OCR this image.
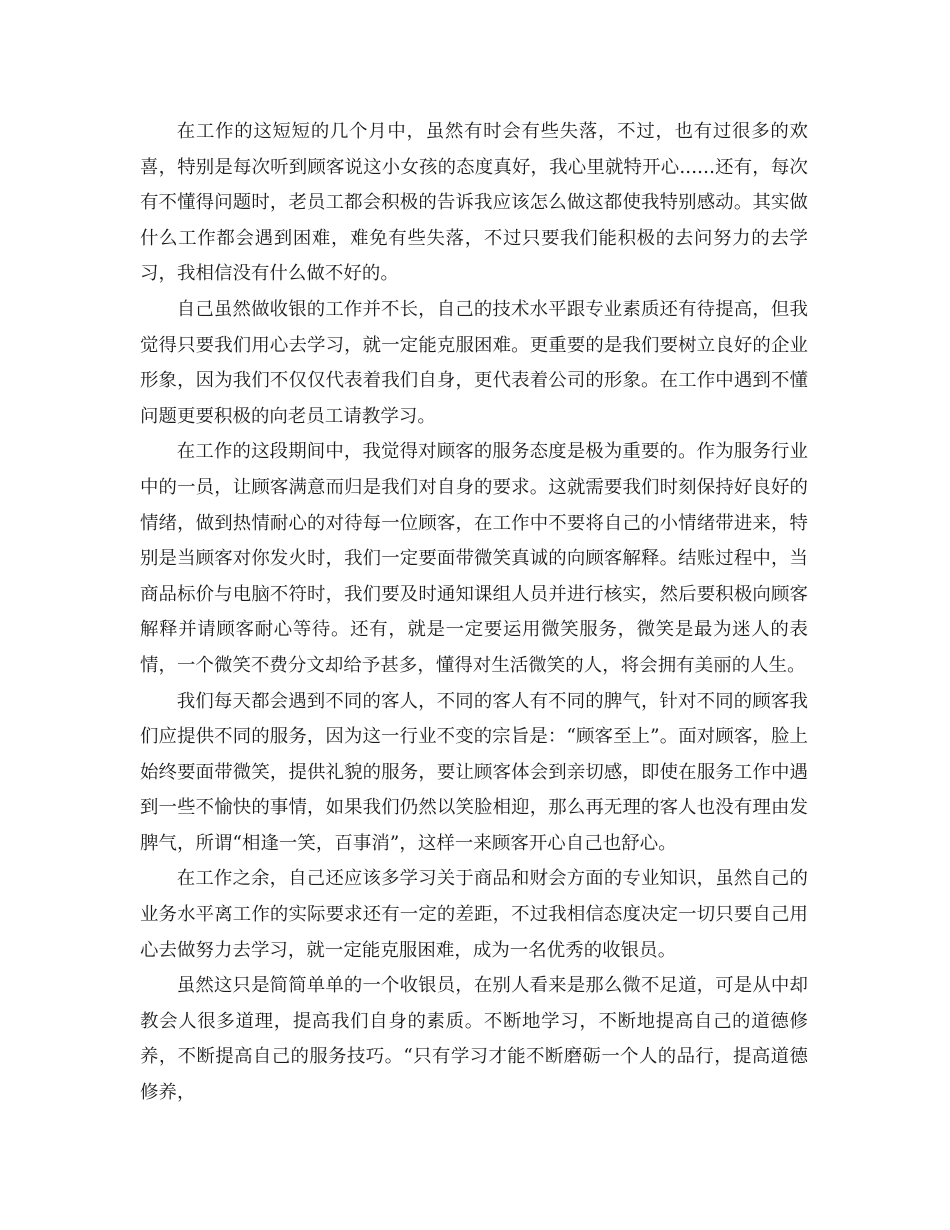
在工作的这短短的几个月中，虽然有时会有些失落，不过，也有过很多的欢喜，特别是每次听到顾客说这小女孩的态度真好，我心里就特开心......还有，每次有不懂得问题时，老员工都会积极的告诉我应该怎么做这都使我特别感动。其实做什么工作都会遇到困难，难免有些失落，不过只要我们能积极的去问努力的去学习，我相信没有什么做不好的。

自己虽然做收银的工作并不长，自己的技术水平跟专业素质还有待提高，但我觉得只要我们用心去学习，就一定能克服困难。更重要的是我们要树立良好的企业形象，因为我们不仅仅代表着我们自身，更代表着公司的形象。在工作中遇到不懂问题更要积极的向老员工请教学习。

在工作的这段期间中，我觉得对顾客的服务态度是极为重要的。作为服务行业中的一员，让顾客满意而归是我们对自身的要求。这就需要我们时刻保持好良好的情绪，做到热情耐心的对待每一位顾客，在工作中不要将自己的小情绪带进来，特别是当顾客对你发火时，我们一定要面带微笑真诚的向顾客解释。结账过程中，当商品标价与电脑不符时，我们要及时通知课组人员并进行核实，然后要积极向顾客解释并请顾客耐心等待。还有，就是一定要运用微笑服务，微笑是最为迷人的表情，一个微笑不费分文却给予甚多，懂得对生活微笑的人，将会拥有美丽的人生。

我们每天都会遇到不同的客人，不同的客人有不同的脾气，针对不同的顾客我们应提供不同的服务，因为这一行业不变的宗旨是：“顾客至上”。面对顾客，脸上始终要面带微笑，提供礼貌的服务，要让顾客体会到亲切感，即使在服务工作中遇到一些不愉快的事情，如果我们仍然以笑脸相迎，那么再无理的客人也没有理由发脾气，所谓“相逢一笑，百事消”，这样一来顾客开心自己也舒心。

在工作之余，自己还应该多学习关于商品和财会方面的专业知识，虽然自己的业务水平离工作的实际要求还有一定的差距，不过我相信态度决定一切只要自己用心去做努力去学习，就一定能克服困难，成为一名优秀的收银员。

虽然这只是简简单单的一个收银员，在别人看来是那么微不足道，可是从中却教会人很多道理，提高我们自身的素质。不断地学习，不断地提高自己的道德修养，不断提高自己的服务技巧。“只有学习才能不断磨砺一个人的品行，提高道德修养，
